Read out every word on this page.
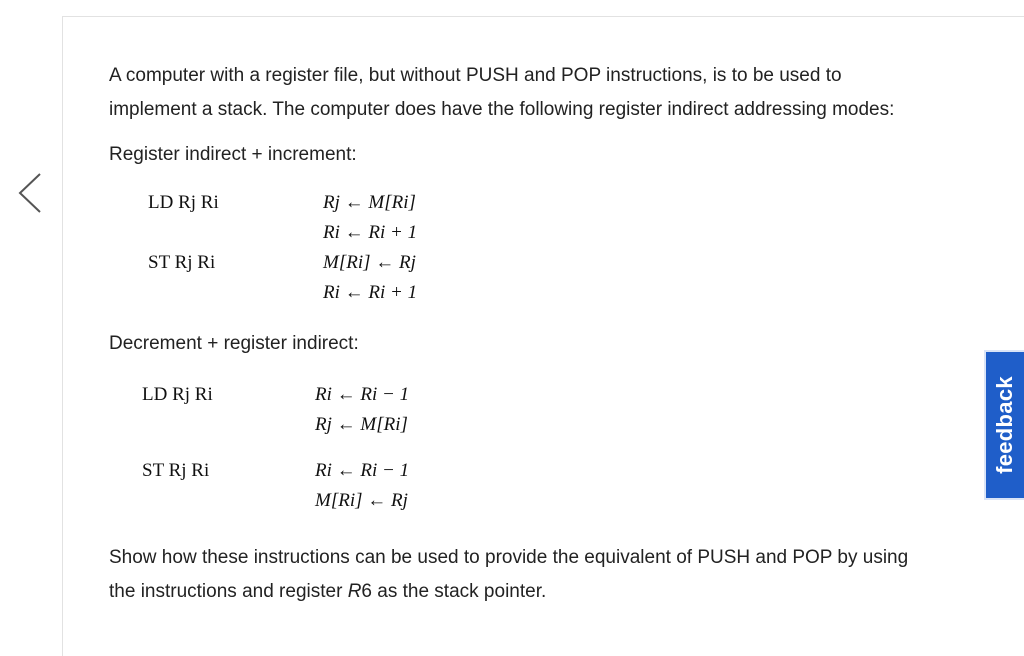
A computer with a register file, but without PUSH and POP instructions, is to be used to

implement a stack. The computer does have the following register indirect addressing modes:

Register indirect + increment:

LD Rj Ri	Rj ← M[Ri]

Ri ← Ri + 1

ST Rj Ri	M[Ri] ← Rj

Ri ← Ri + 1

Decrement + register indirect:

LD Rj Ri	Ri ← Ri − 1

Rj ← M[Ri]

ST Rj Ri	Ri ← Ri − 1

M[Ri] ← Rj

Show how these instructions can be used to provide the equivalent of PUSH and POP by using

the instructions and register R6 as the stack pointer.

feedback
